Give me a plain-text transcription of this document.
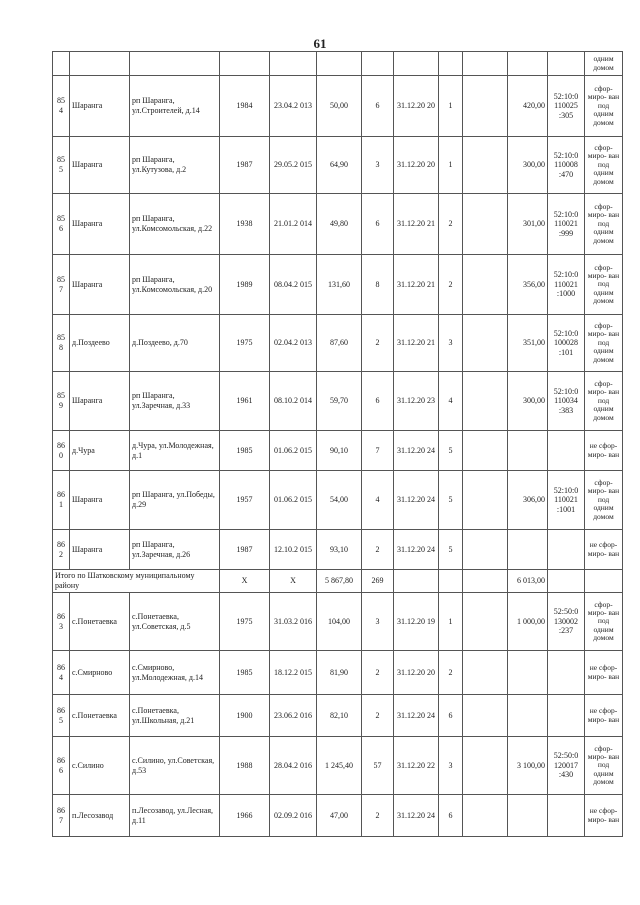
61
												одним домом
85 4	Шаранга	рп Шаранга, ул.Строителей, д.14	1984	23.04.2 013	50,00	6	31.12.20 20	1		420,00	52:10:0 110025 :305	сфор- миро- ван под одним домом
85 5	Шаранга	рп Шаранга, ул.Кутузова, д.2	1987	29.05.2 015	64,90	3	31.12.20 20	1		300,00	52:10:0 110008 :470	сфор- миро- ван под одним домом
85 6	Шаранга	рп Шаранга, ул.Комсомольская, д.22	1938	21.01.2 014	49,80	6	31.12.20 21	2		301,00	52:10:0 110021 :999	сфор- миро- ван под одним домом
85 7	Шаранга	рп Шаранга, ул.Комсомольская, д.20	1989	08.04.2 015	131,60	8	31.12.20 21	2		356,00	52:10:0 110021 :1000	сфор- миро- ван под одним домом
85 8	д.Поздеево	д.Поздеево, д.70	1975	02.04.2 013	87,60	2	31.12.20 21	3		351,00	52:10:0 100028 :101	сфор- миро- ван под одним домом
85 9	Шаранга	рп Шаранга, ул.Заречная, д.33	1961	08.10.2 014	59,70	6	31.12.20 23	4		300,00	52:10:0 110034 :383	сфор- миро- ван под одним домом
86 0	д.Чура	д.Чура, ул.Молодежная, д.1	1985	01.06.2 015	90,10	7	31.12.20 24	5				не сфор- миро- ван
86 1	Шаранга	рп Шаранга, ул.Победы, д.29	1957	01.06.2 015	54,00	4	31.12.20 24	5		306,00	52:10:0 110021 :1001	сфор- миро- ван под одним домом
86 2	Шаранга	рп Шаранга, ул.Заречная, д.26	1987	12.10.2 015	93,10	2	31.12.20 24	5				не сфор- миро- ван
Итого по Шатковскому муниципальному району			X	X	5 867,80	269				6 013,00		
86 3	с.Понетаевка	с.Понетаевка, ул.Советская, д.5	1975	31.03.2 016	104,00	3	31.12.20 19	1		1 000,00	52:50:0 130002 :237	сфор- миро- ван под одним домом
86 4	с.Смирново	с.Смирново, ул.Молодежная, д.14	1985	18.12.2 015	81,90	2	31.12.20 20	2				не сфор- миро- ван
86 5	с.Понетаевка	с.Понетаевка, ул.Школьная, д.21	1900	23.06.2 016	82,10	2	31.12.20 24	6				не сфор- миро- ван
86 6	с.Силино	с.Силино, ул.Советская, д.53	1988	28.04.2 016	1 245,40	57	31.12.20 22	3		3 100,00	52:50:0 120017 :430	сфор- миро- ван под одним домом
86 7	п.Лесозавод	п.Лесозавод, ул.Лесная, д.11	1966	02.09.2 016	47,00	2	31.12.20 24	6				не сфор- миро- ван
